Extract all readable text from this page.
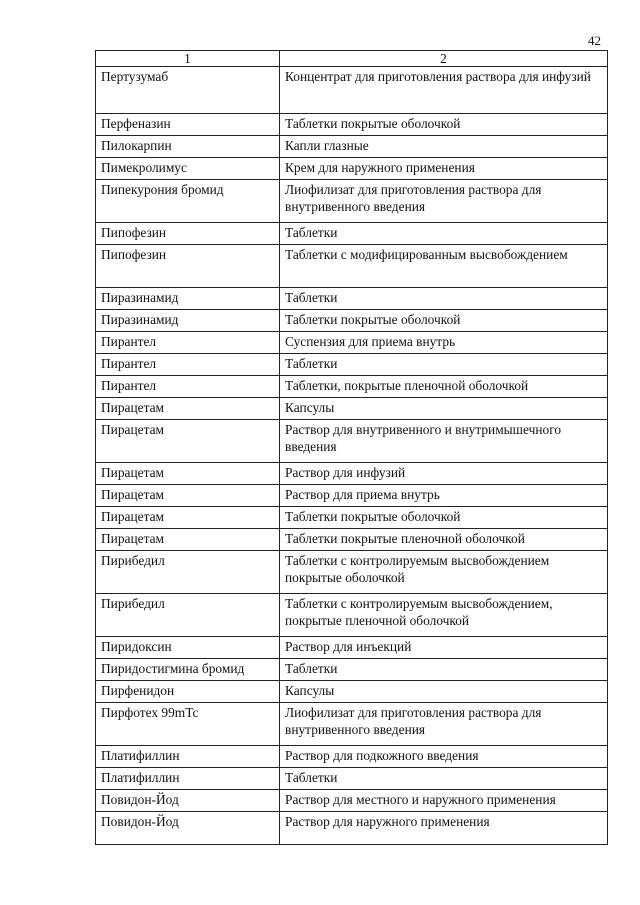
42
1	2
Пертузумаб	Концентрат для приготовления раствора для инфузий
Перфеназин	Таблетки покрытые оболочкой
Пилокарпин	Капли глазные
Пимекролимус	Крем для наружного применения
Пипекурония бромид	Лиофилизат для приготовления раствора для внутривенного введения
Пипофезин	Таблетки
Пипофезин	Таблетки с модифицированным высвобождением
Пиразинамид	Таблетки
Пиразинамид	Таблетки покрытые оболочкой
Пирантел	Суспензия для приема внутрь
Пирантел	Таблетки
Пирантел	Таблетки, покрытые пленочной оболочкой
Пирацетам	Капсулы
Пирацетам	Раствор для внутривенного и внутримышечного введения
Пирацетам	Раствор для инфузий
Пирацетам	Раствор для приема внутрь
Пирацетам	Таблетки покрытые оболочкой
Пирацетам	Таблетки покрытые пленочной оболочкой
Пирибедил	Таблетки с контролируемым высвобождением покрытые оболочкой
Пирибедил	Таблетки с контролируемым высвобождением, покрытые пленочной оболочкой
Пиридоксин	Раствор для инъекций
Пиридостигмина бромид	Таблетки
Пирфенидон	Капсулы
Пирфотех 99mTc	Лиофилизат для приготовления раствора для внутривенного введения
Платифиллин	Раствор для подкожного введения
Платифиллин	Таблетки
Повидон-Йод	Раствор для местного и наружного применения
Повидон-Йод	Раствор для наружного применения
